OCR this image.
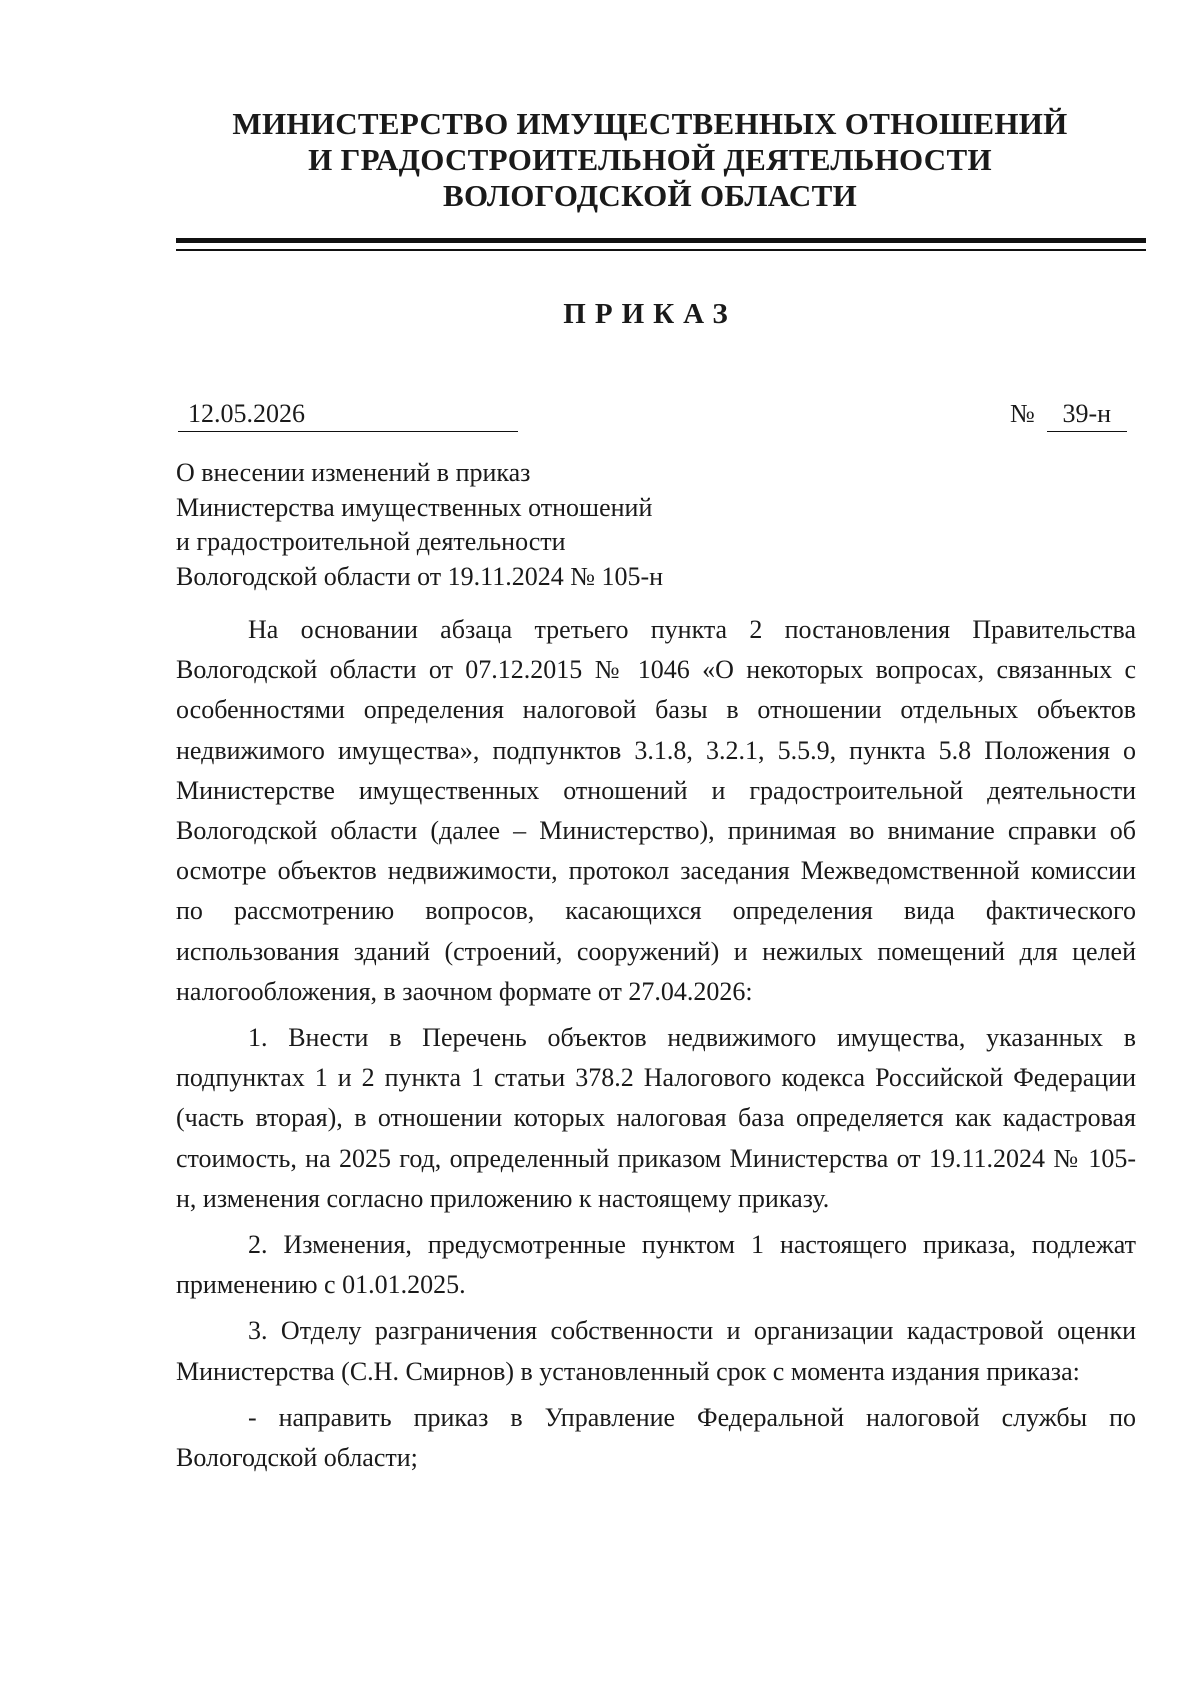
МИНИСТЕРСТВО ИМУЩЕСТВЕННЫХ ОТНОШЕНИЙ
И ГРАДОСТРОИТЕЛЬНОЙ ДЕЯТЕЛЬНОСТИ
ВОЛОГОДСКОЙ ОБЛАСТИ
ПРИКАЗ
12.05.2026	№ 39-н
О внесении изменений в приказ
Министерства имущественных отношений
и градостроительной деятельности
Вологодской области от 19.11.2024 № 105-н

На основании абзаца третьего пункта 2 постановления Правительства Вологодской области от 07.12.2015 № 1046 «О некоторых вопросах, связанных с особенностями определения налоговой базы в отношении отдельных объектов недвижимого имущества», подпунктов 3.1.8, 3.2.1, 5.5.9, пункта 5.8 Положения о Министерстве имущественных отношений и градостроительной деятельности Вологодской области (далее – Министерство), принимая во внимание справки об осмотре объектов недвижимости, протокол заседания Межведомственной комиссии по рассмотрению вопросов, касающихся определения вида фактического использования зданий (строений, сооружений) и нежилых помещений для целей налогообложения, в заочном формате от 27.04.2026:

1. Внести в Перечень объектов недвижимого имущества, указанных в подпунктах 1 и 2 пункта 1 статьи 378.2 Налогового кодекса Российской Федерации (часть вторая), в отношении которых налоговая база определяется как кадастровая стоимость, на 2025 год, определенный приказом Министерства от 19.11.2024 № 105-н, изменения согласно приложению к настоящему приказу.

2. Изменения, предусмотренные пунктом 1 настоящего приказа, подлежат применению с 01.01.2025.

3. Отделу разграничения собственности и организации кадастровой оценки Министерства (С.Н. Смирнов) в установленный срок с момента издания приказа:

- направить приказ в Управление Федеральной налоговой службы по Вологодской области;
